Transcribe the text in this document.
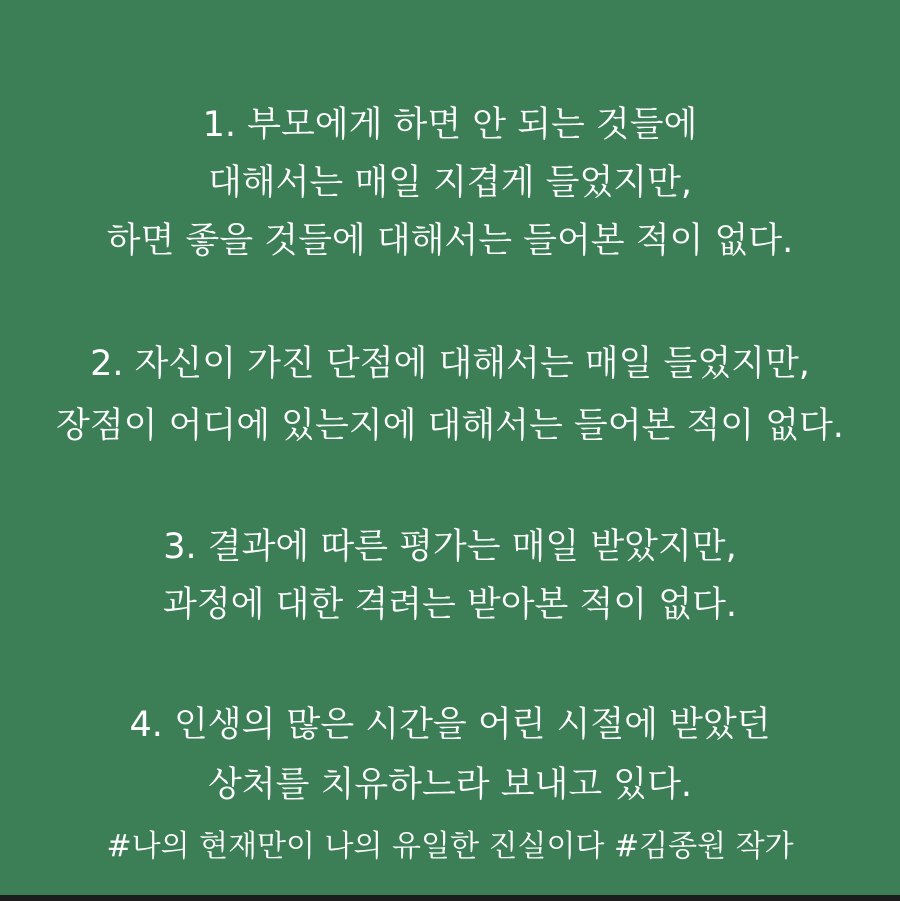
1. 부모에게 하면 안 되는 것들에
대해서는 매일 지겹게 들었지만,
하면 좋을 것들에 대해서는 들어본 적이 없다.
2. 자신이 가진 단점에 대해서는 매일 들었지만,
장점이 어디에 있는지에 대해서는 들어본 적이 없다.
3. 결과에 따른 평가는 매일 받았지만,
과정에 대한 격려는 받아본 적이 없다.
4. 인생의 많은 시간을 어린 시절에 받았던
상처를 치유하느라 보내고 있다.
#나의 현재만이 나의 유일한 진실이다 #김종원 작가
